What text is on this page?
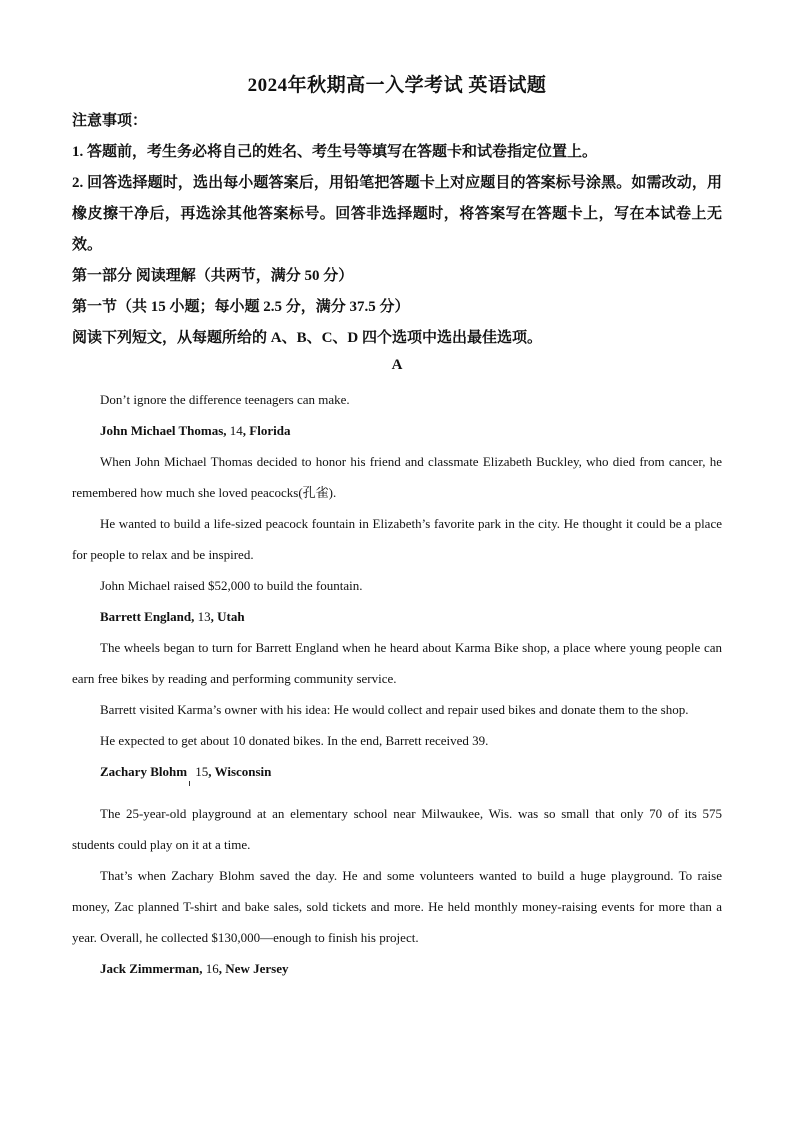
2024年秋期高一入学考试 英语试题
注意事项：
1. 答题前，考生务必将自己的姓名、考生号等填写在答题卡和试卷指定位置上。
2. 回答选择题时，选出每小题答案后，用铅笔把答题卡上对应题目的答案标号涂黑。如需改动，用橡皮擦干净后，再选涂其他答案标号。回答非选择题时，将答案写在答题卡上，写在本试卷上无效。
第一部分 阅读理解（共两节，满分 50 分）
第一节（共 15 小题；每小题 2.5 分，满分 37.5 分）
阅读下列短文，从每题所给的 A、B、C、D 四个选项中选出最佳选项。
A

Don’t ignore the difference teenagers can make.

John Michael Thomas, 14, Florida

When John Michael Thomas decided to honor his friend and classmate Elizabeth Buckley, who died from cancer, he remembered how much she loved peacocks(孔雀).

He wanted to build a life-sized peacock fountain in Elizabeth’s favorite park in the city. He thought it could be a place for people to relax and be inspired.

John Michael raised $52,000 to build the fountain.

Barrett England, 13, Utah

The wheels began to turn for Barrett England when he heard about Karma Bike shop, a place where young people can earn free bikes by reading and performing community service.

Barrett visited Karma’s owner with his idea: He would collect and repair used bikes and donate them to the shop.

He expected to get about 10 donated bikes. In the end, Barrett received 39.

Zachary Blohm 15, Wisconsin

The 25-year-old playground at an elementary school near Milwaukee, Wis. was so small that only 70 of its 575 students could play on it at a time.

That’s when Zachary Blohm saved the day. He and some volunteers wanted to build a huge playground. To raise money, Zac planned T-shirt and bake sales, sold tickets and more. He held monthly money-raising events for more than a year. Overall, he collected $130,000—enough to finish his project.

Jack Zimmerman, 16, New Jersey
